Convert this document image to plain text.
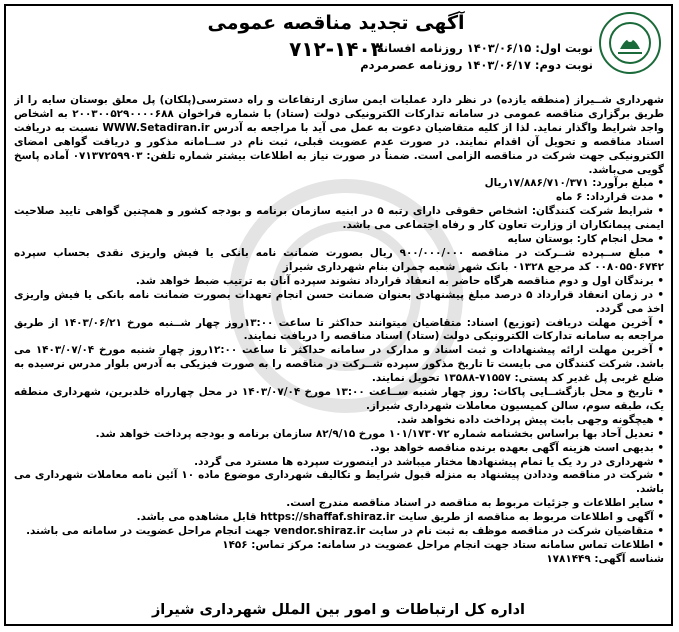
آگهی تجدید مناقصه عمومی

۷۱۲-۱۴۰۳

نوبت اول: ۱۴۰۳/۰۶/۱۵ روزنامه افسانه
نوبت دوم: ۱۴۰۳/۰۶/۱۷ روزنامه عصرمردم

شهرداری شــیراز (منطقه یازده) در نظر دارد عملیات ایمن سازی ارتفاعات و راه دسترسی(پلکان) پل معلق بوستان سایه را از طریق برگزاری مناقصه عمومی در سامانه تدارکات الکترونیکی دولت (ستاد) با شماره فراخوان ۲۰۰۳۰۰۵۲۹۰۰۰۰۶۸۸ به اشخاص واجد شرایط واگذار نماید. لذا از کلیه متقاضیان دعوت به عمل می آید با مراجعه به آدرس WWW.Setadiran.ir نسبت به دریافت اسناد مناقصه و تحویل آن اقدام نمایند. در صورت عدم عضویت قبلی، ثبت نام در ســامانه مذکور و دریافت گواهی امضای الکترونیکی جهت شرکت در مناقصه الزامی است. ضمناً در صورت نیاز به اطلاعات بیشتر شماره تلفن: ۰۷۱۳۷۲۵۹۹۰۳ آماده پاسخ گویی می‌باشد.

• مبلغ برآورد: ۱۷/۸۸۶/۷۱۰/۳۷۱ریال

• مدت قرارداد: ۶ ماه

• شرایط شرکت کنندگان: اشخاص حقوقی دارای رتبه ۵ در ابنیه سازمان برنامه و بودجه کشور و همچنین گواهی تایید صلاحیت ایمنی پیمانکاران از وزارت تعاون کار و رفاه اجتماعی می باشد.

• محل انجام کار: بوستان سایه

• مبلغ ســپرده شــرکت در مناقصه ۹۰۰/۰۰۰/۰۰۰ ریال بصورت ضمانت نامه بانکی یا فیش واریزی نقدی بحساب سپرده ۰۰۸۰۵۵۰۶۷۴۲ کد مرجع ۰۱۳۲۸ بانک شهر شعبه چمران بنام شهرداری شیراز

• برندگان اول و دوم مناقصه هرگاه حاضر به انعقاد قرارداد نشوند سپرده آنان به ترتیب ضبط خواهد شد.

• در زمان انعقاد قرارداد ۵ درصد مبلغ پیشنهادی بعنوان ضمانت حسن انجام تعهدات بصورت ضمانت نامه بانکی یا فیش واریزی اخذ می گردد.

• آخرین مهلت دریافت (توزیع) اسناد: متقاضیان میتوانند حداکثر تا ساعت ۱۳:۰۰روز چهار شــنبه مورخ ۱۴۰۳/۰۶/۲۱ از طریق مراجعه به سامانه تدارکات الکترونیکی دولت (ستاد) اسناد مناقصه را دریافت نمایند.

• آخرین مهلت ارائه پیشنهادات و ثبت اسناد و مدارک در سامانه حداکثر تا ساعت ۱۲:۰۰روز چهار شنبه مورخ ۱۴۰۳/۰۷/۰۴ می باشد. شرکت کنندگان می بایست تا تاریخ مذکور سپرده شــرکت در مناقصه را به صورت فیزیکی به آدرس بلوار مدرس نرسیده به ضلع غربی پل غدیر کد پستی: ۷۱۵۵۷-۱۳۵۸۸ تحویل نمایند.

• تاریخ و محل بازگشــایی پاکات: روز چهار شنبه ســاعت ۱۳:۰۰ مورخ ۱۴۰۳/۰۷/۰۴ در محل چهارراه خلدبرین، شهرداری منطقه یک، طبقه سوم، سالن کمیسیون معاملات شهرداری شیراز.

• هیچگونه وجهی بابت پیش پرداخت داده نخواهد شد.

• تعدیل آحاد بها براساس بخشنامه شماره ۱۰۱/۱۷۳۰۷۲ مورخ ۸۲/۹/۱۵ سازمان برنامه و بودجه پرداخت خواهد شد.

• بدیهی است هزینه آگهی بعهده برنده مناقصه خواهد بود.

• شهرداری در رد یک یا تمام پیشنهادها مختار میباشد در اینصورت سپرده ها مسترد می گردد.

• شرکت در مناقصه وددادن پیشنهاد به منزله قبول شرایط و تکالیف شهرداری موضوع ماده ۱۰ آئین نامه معاملات شهرداری می باشد.

• سایر اطلاعات و جزئیات مربوط به مناقصه در اسناد مناقصه مندرج است.

• آگهی و اطلاعات مربوط به مناقصه از طریق سایت https://shaffaf.shiraz.ir قابل مشاهده می باشد.

• متقاضیان شرکت در مناقصه موظف به ثبت نام در سایت vendor.shiraz.ir جهت انجام مراحل عضویت در سامانه می باشند.

• اطلاعات تماس سامانه ستاد جهت انجام مراحل عضویت در سامانه: مرکز تماس: ۱۴۵۶

شناسه آگهی: ۱۷۸۱۴۴۹

اداره کل ارتباطات و امور بین الملل شهرداری شیراز
